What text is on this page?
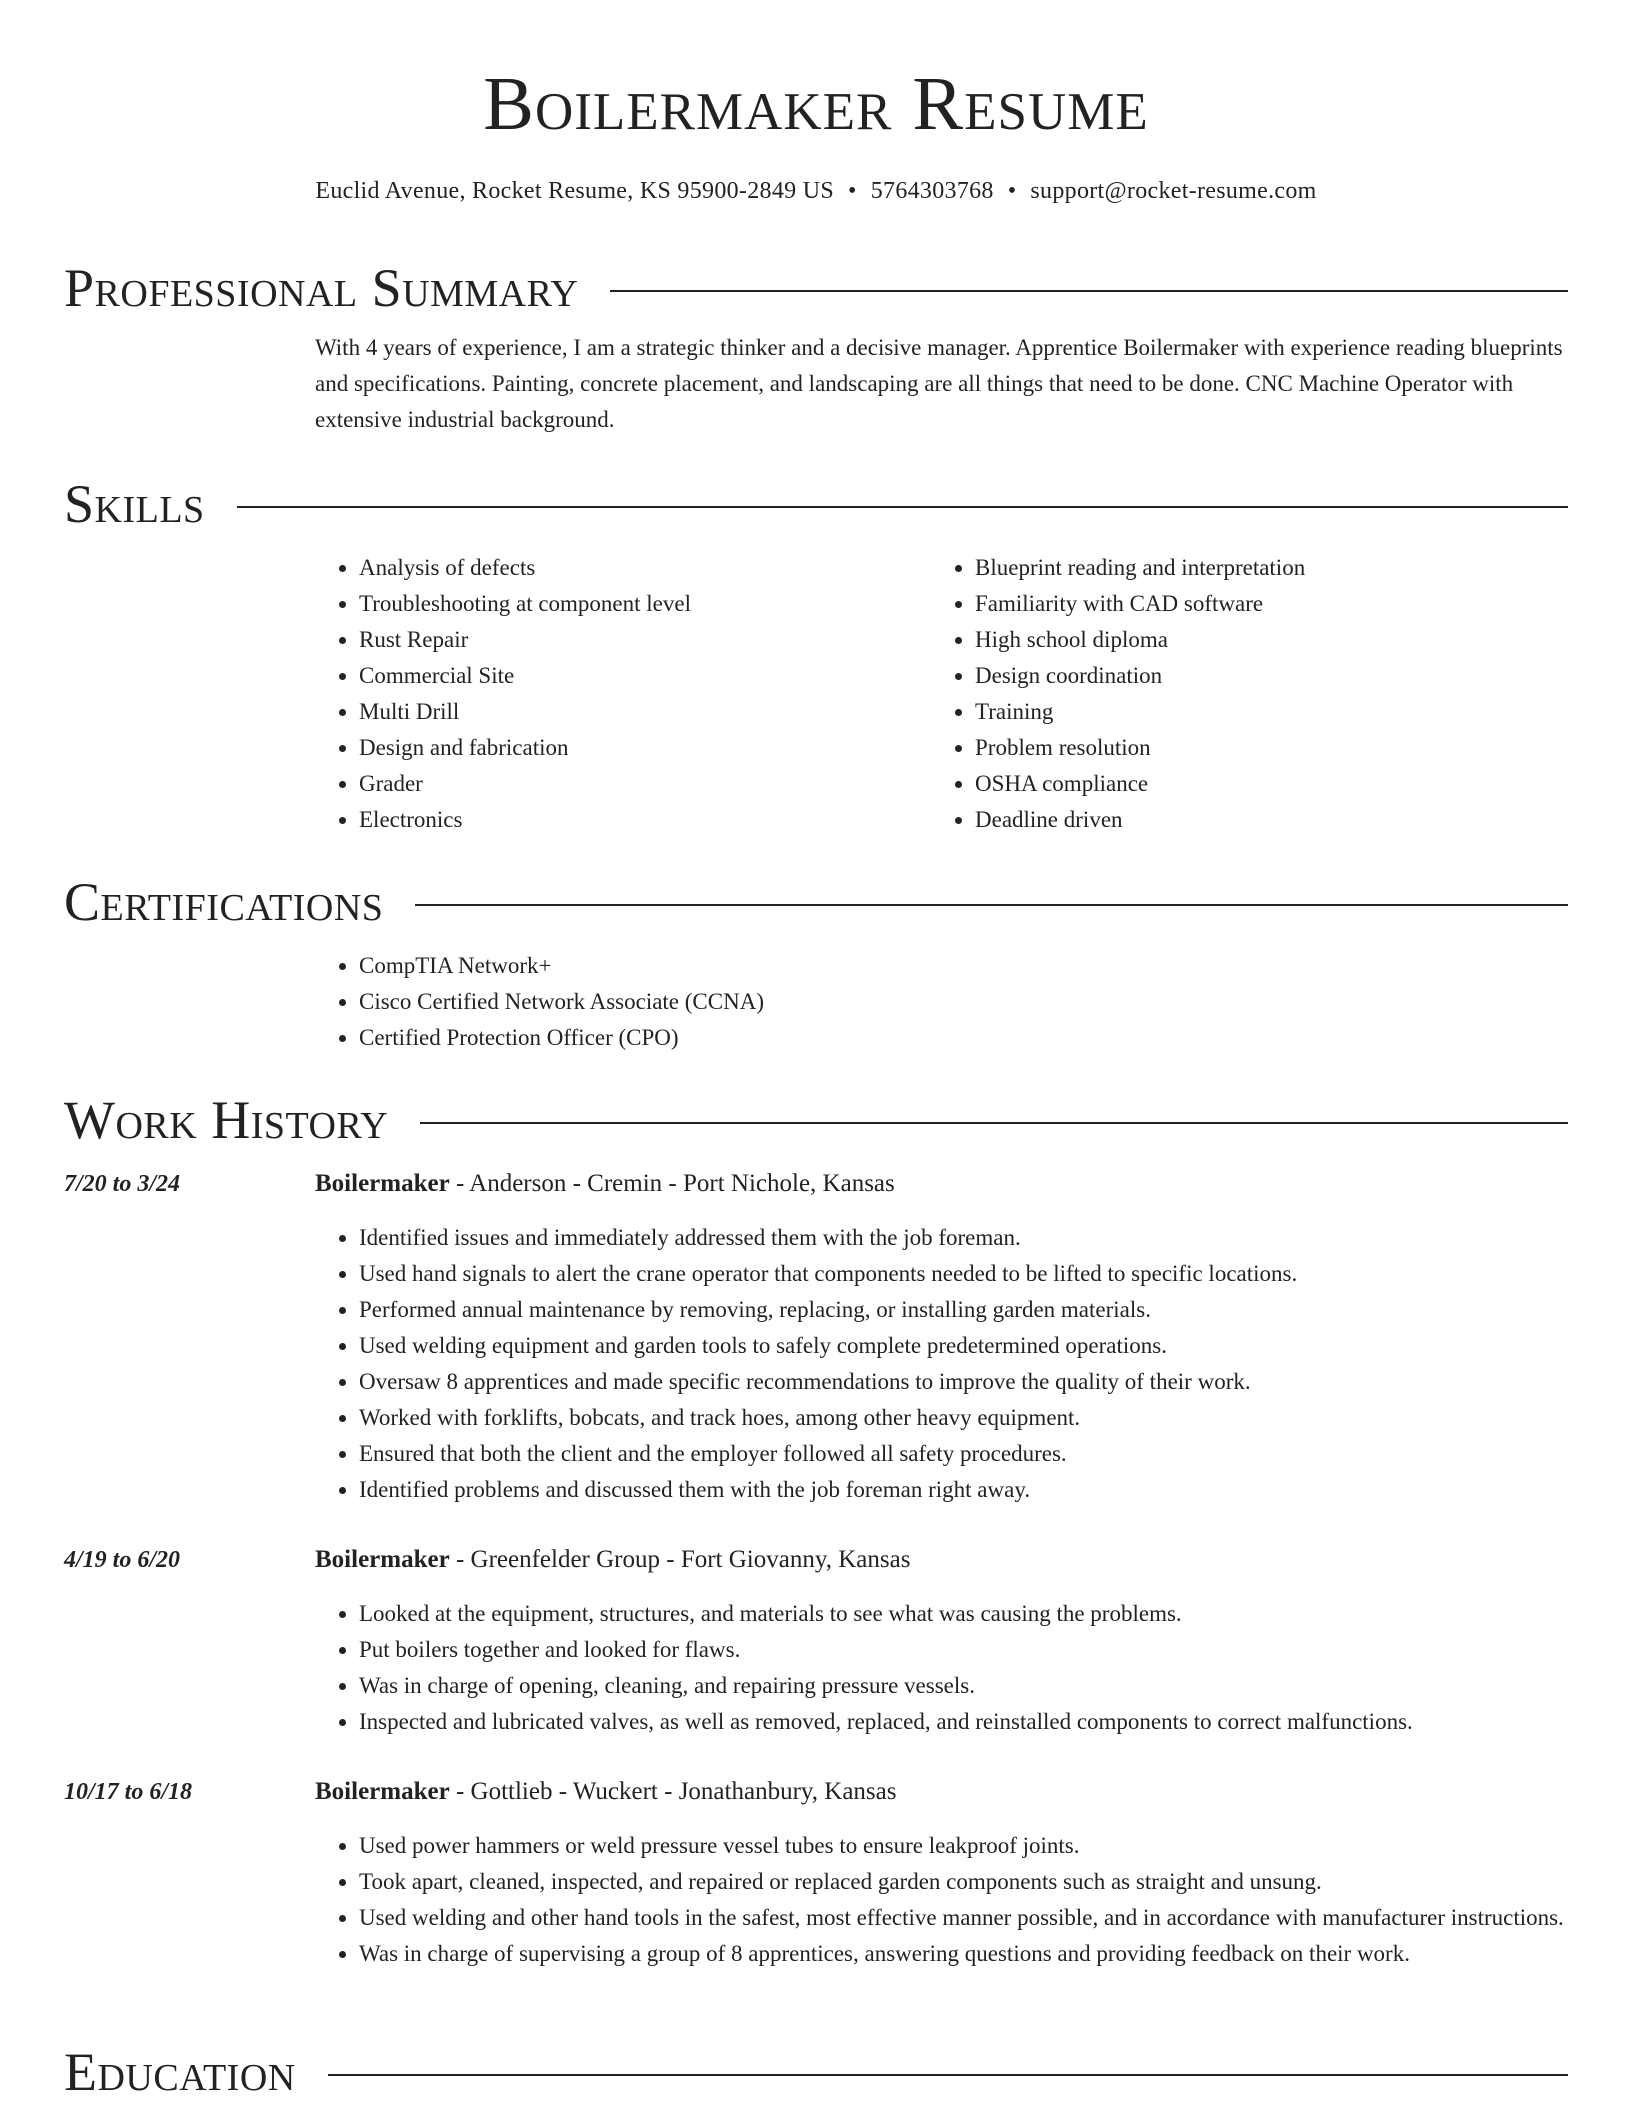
Boilermaker Resume
Euclid Avenue, Rocket Resume, KS 95900-2849 US • 5764303768 • support@rocket-resume.com
Professional Summary
With 4 years of experience, I am a strategic thinker and a decisive manager. Apprentice Boilermaker with experience reading blueprints and specifications. Painting, concrete placement, and landscaping are all things that need to be done. CNC Machine Operator with extensive industrial background.
Skills
• Analysis of defects
• Troubleshooting at component level
• Rust Repair
• Commercial Site
• Multi Drill
• Design and fabrication
• Grader
• Electronics
• Blueprint reading and interpretation
• Familiarity with CAD software
• High school diploma
• Design coordination
• Training
• Problem resolution
• OSHA compliance
• Deadline driven
Certifications
• CompTIA Network+
• Cisco Certified Network Associate (CCNA)
• Certified Protection Officer (CPO)
Work History
7/20 to 3/24	Boilermaker - Anderson - Cremin - Port Nichole, Kansas
• Identified issues and immediately addressed them with the job foreman.
• Used hand signals to alert the crane operator that components needed to be lifted to specific locations.
• Performed annual maintenance by removing, replacing, or installing garden materials.
• Used welding equipment and garden tools to safely complete predetermined operations.
• Oversaw 8 apprentices and made specific recommendations to improve the quality of their work.
• Worked with forklifts, bobcats, and track hoes, among other heavy equipment.
• Ensured that both the client and the employer followed all safety procedures.
• Identified problems and discussed them with the job foreman right away.
4/19 to 6/20	Boilermaker - Greenfelder Group - Fort Giovanny, Kansas
• Looked at the equipment, structures, and materials to see what was causing the problems.
• Put boilers together and looked for flaws.
• Was in charge of opening, cleaning, and repairing pressure vessels.
• Inspected and lubricated valves, as well as removed, replaced, and reinstalled components to correct malfunctions.
10/17 to 6/18	Boilermaker - Gottlieb - Wuckert - Jonathanbury, Kansas
• Used power hammers or weld pressure vessel tubes to ensure leakproof joints.
• Took apart, cleaned, inspected, and repaired or replaced garden components such as straight and unsung.
• Used welding and other hand tools in the safest, most effective manner possible, and in accordance with manufacturer instructions.
• Was in charge of supervising a group of 8 apprentices, answering questions and providing feedback on their work.
Education
